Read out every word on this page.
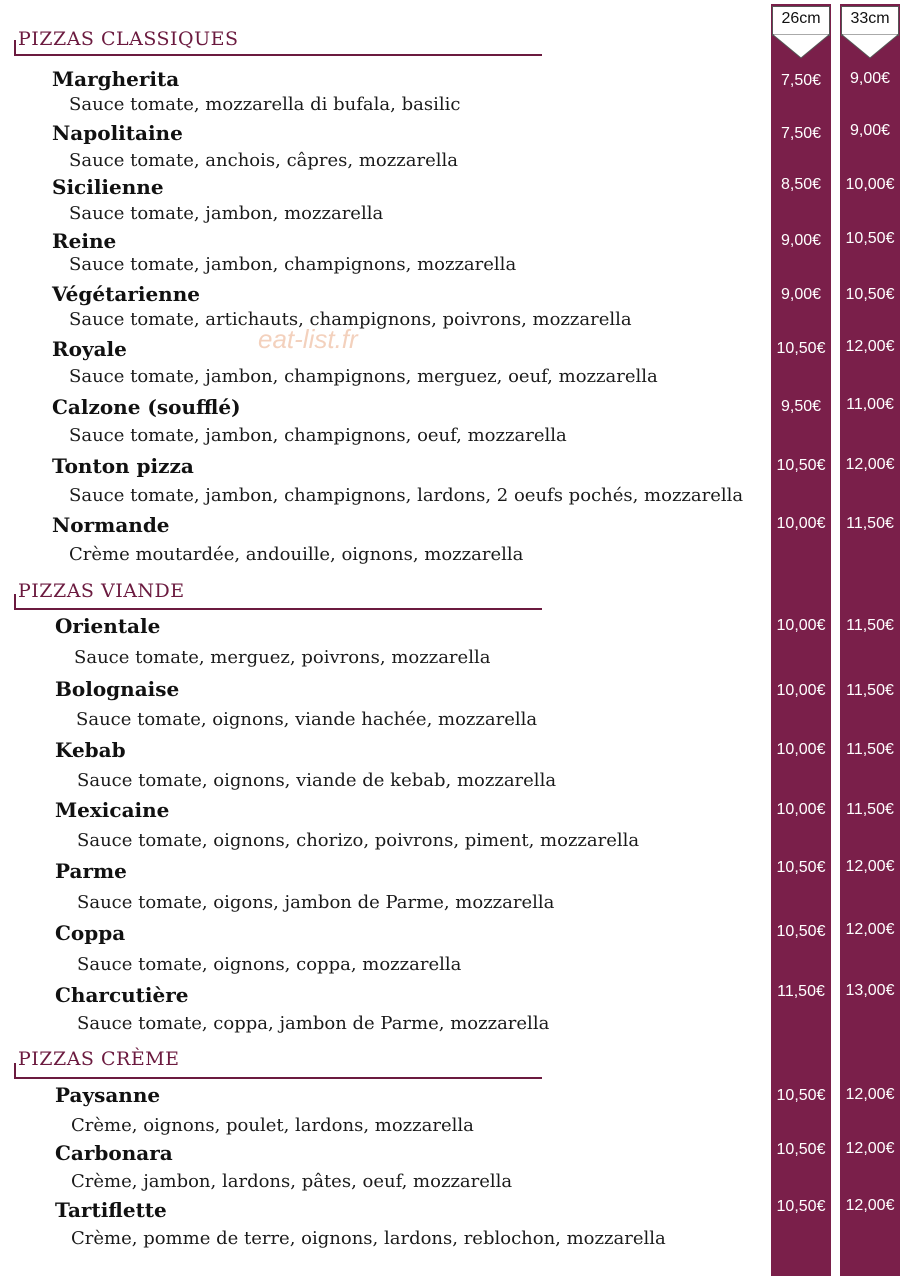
26cm	33cm
PIZZAS CLASSIQUES
Margherita
Sauce tomate, mozzarella di bufala, basilic
7,50€	9,00€
Napolitaine
Sauce tomate, anchois, câpres, mozzarella
7,50€	9,00€
Sicilienne
Sauce tomate, jambon, mozzarella
8,50€	10,00€
Reine
Sauce tomate, jambon, champignons, mozzarella
9,00€	10,50€
Végétarienne
Sauce tomate, artichauts, champignons, poivrons, mozzarella
9,00€	10,50€
eat-list.fr
Royale
Sauce tomate, jambon, champignons, merguez, oeuf, mozzarella
10,50€	12,00€
Calzone (soufflé)
Sauce tomate, jambon, champignons, oeuf, mozzarella
9,50€	11,00€
Tonton pizza
Sauce tomate, jambon, champignons, lardons, 2 oeufs pochés, mozzarella
10,50€	12,00€
Normande
Crème moutardée, andouille, oignons, mozzarella
10,00€	11,50€
PIZZAS VIANDE
Orientale
Sauce tomate, merguez, poivrons, mozzarella
10,00€	11,50€
Bolognaise
Sauce tomate, oignons, viande hachée, mozzarella
10,00€	11,50€
Kebab
Sauce tomate, oignons, viande de kebab, mozzarella
10,00€	11,50€
Mexicaine
Sauce tomate, oignons, chorizo, poivrons, piment, mozzarella
10,00€	11,50€
Parme
Sauce tomate, oigons, jambon de Parme, mozzarella
10,50€	12,00€
Coppa
Sauce tomate, oignons, coppa, mozzarella
10,50€	12,00€
Charcutière
Sauce tomate, coppa, jambon de Parme, mozzarella
11,50€	13,00€
PIZZAS CRÈME
Paysanne
Crème, oignons, poulet, lardons, mozzarella
10,50€	12,00€
Carbonara
Crème, jambon, lardons, pâtes, oeuf, mozzarella
10,50€	12,00€
Tartiflette
Crème, pomme de terre, oignons, lardons, reblochon, mozzarella
10,50€	12,00€
